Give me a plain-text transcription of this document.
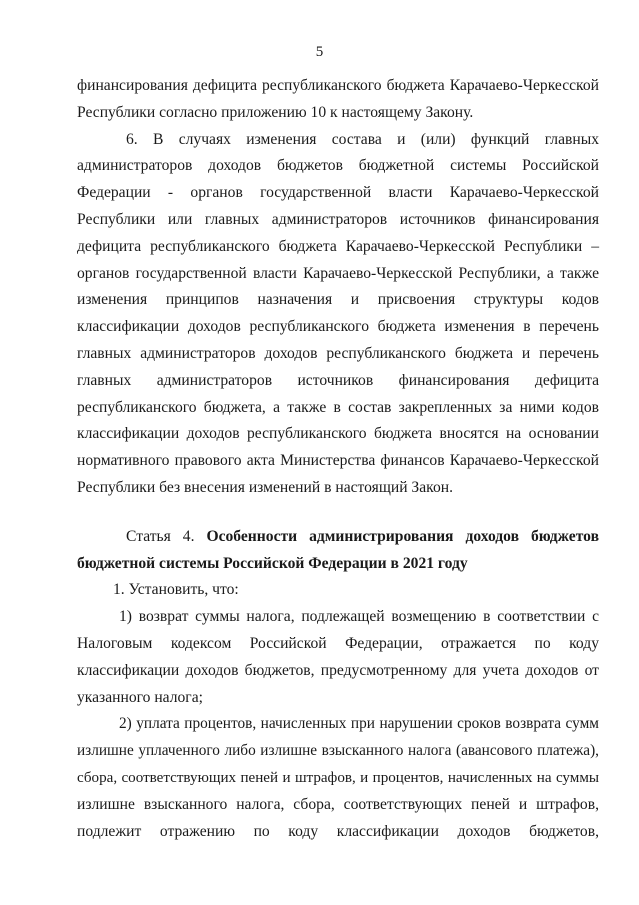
5
финансирования дефицита республиканского бюджета Карачаево-Черкесской
Республики согласно приложению 10 к настоящему Закону.
6. В случаях изменения состава и (или) функций главных
администраторов доходов бюджетов бюджетной системы Российской
Федерации - органов государственной власти Карачаево-Черкесской
Республики или главных администраторов источников финансирования
дефицита республиканского бюджета Карачаево-Черкесской Республики –
органов государственной власти Карачаево-Черкесской Республики, а также
изменения принципов назначения и присвоения структуры кодов
классификации доходов республиканского бюджета изменения в перечень
главных администраторов доходов республиканского бюджета и перечень
главных администраторов источников финансирования дефицита
республиканского бюджета, а также в состав закрепленных за ними кодов
классификации доходов республиканского бюджета вносятся на основании
нормативного правового акта Министерства финансов Карачаево-Черкесской
Республики без внесения изменений в настоящий Закон.
Статья 4. Особенности администрирования доходов бюджетов
бюджетной системы Российской Федерации в 2021 году
1. Установить, что:
1) возврат суммы налога, подлежащей возмещению в соответствии с
Налоговым кодексом Российской Федерации, отражается по коду
классификации доходов бюджетов, предусмотренному для учета доходов от
указанного налога;
2) уплата процентов, начисленных при нарушении сроков возврата сумм
излишне уплаченного либо излишне взысканного налога (авансового платежа),
сбора, соответствующих пеней и штрафов, и процентов, начисленных на суммы
излишне взысканного налога, сбора, соответствующих пеней и штрафов,
подлежит отражению по коду классификации доходов бюджетов,
